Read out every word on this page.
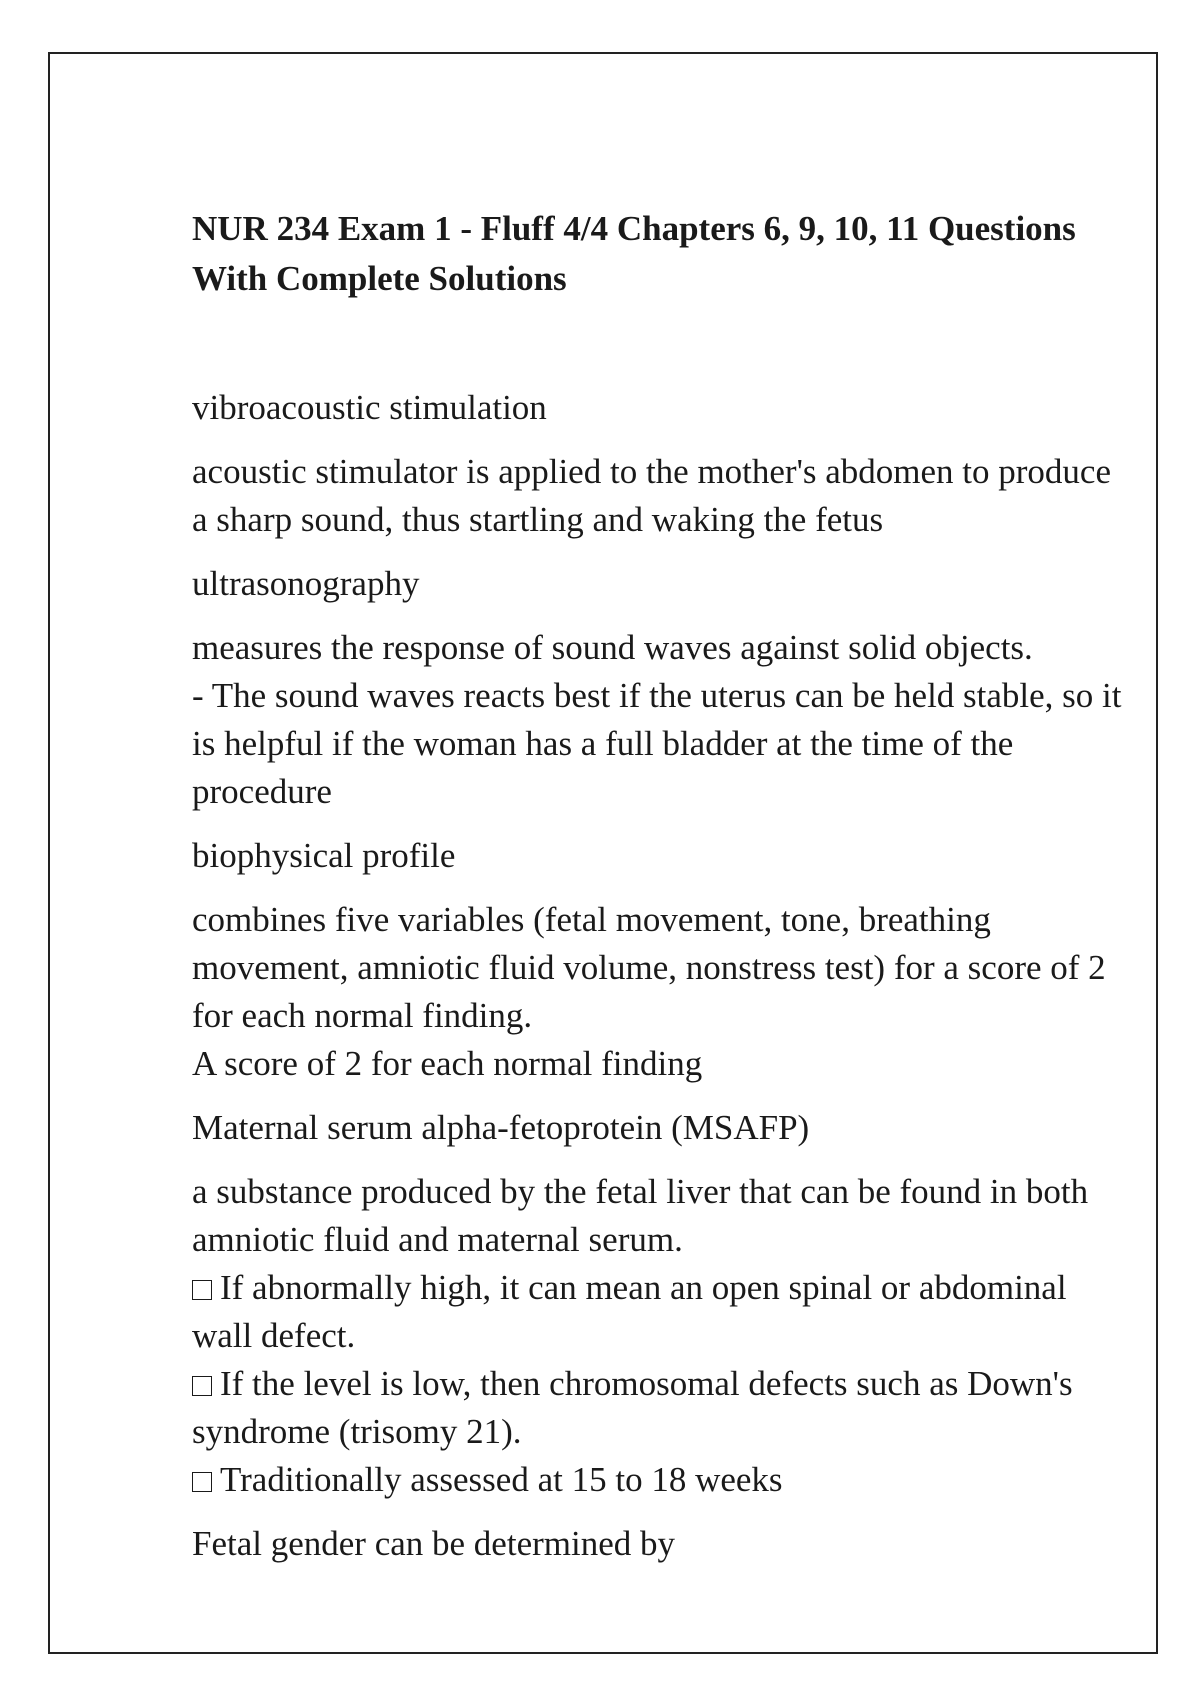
NUR 234 Exam 1 - Fluff 4/4 Chapters 6, 9, 10, 11 Questions With Complete Solutions

vibroacoustic stimulation

acoustic stimulator is applied to the mother's abdomen to produce a sharp sound, thus startling and waking the fetus

ultrasonography

measures the response of sound waves against solid objects.
- The sound waves reacts best if the uterus can be held stable, so it is helpful if the woman has a full bladder at the time of the procedure

biophysical profile

combines five variables (fetal movement, tone, breathing movement, amniotic fluid volume, nonstress test) for a score of 2 for each normal finding.
A score of 2 for each normal finding

Maternal serum alpha-fetoprotein (MSAFP)

a substance produced by the fetal liver that can be found in both amniotic fluid and maternal serum.
If abnormally high, it can mean an open spinal or abdominal wall defect.
If the level is low, then chromosomal defects such as Down's syndrome (trisomy 21).
Traditionally assessed at 15 to 18 weeks

Fetal gender can be determined by
